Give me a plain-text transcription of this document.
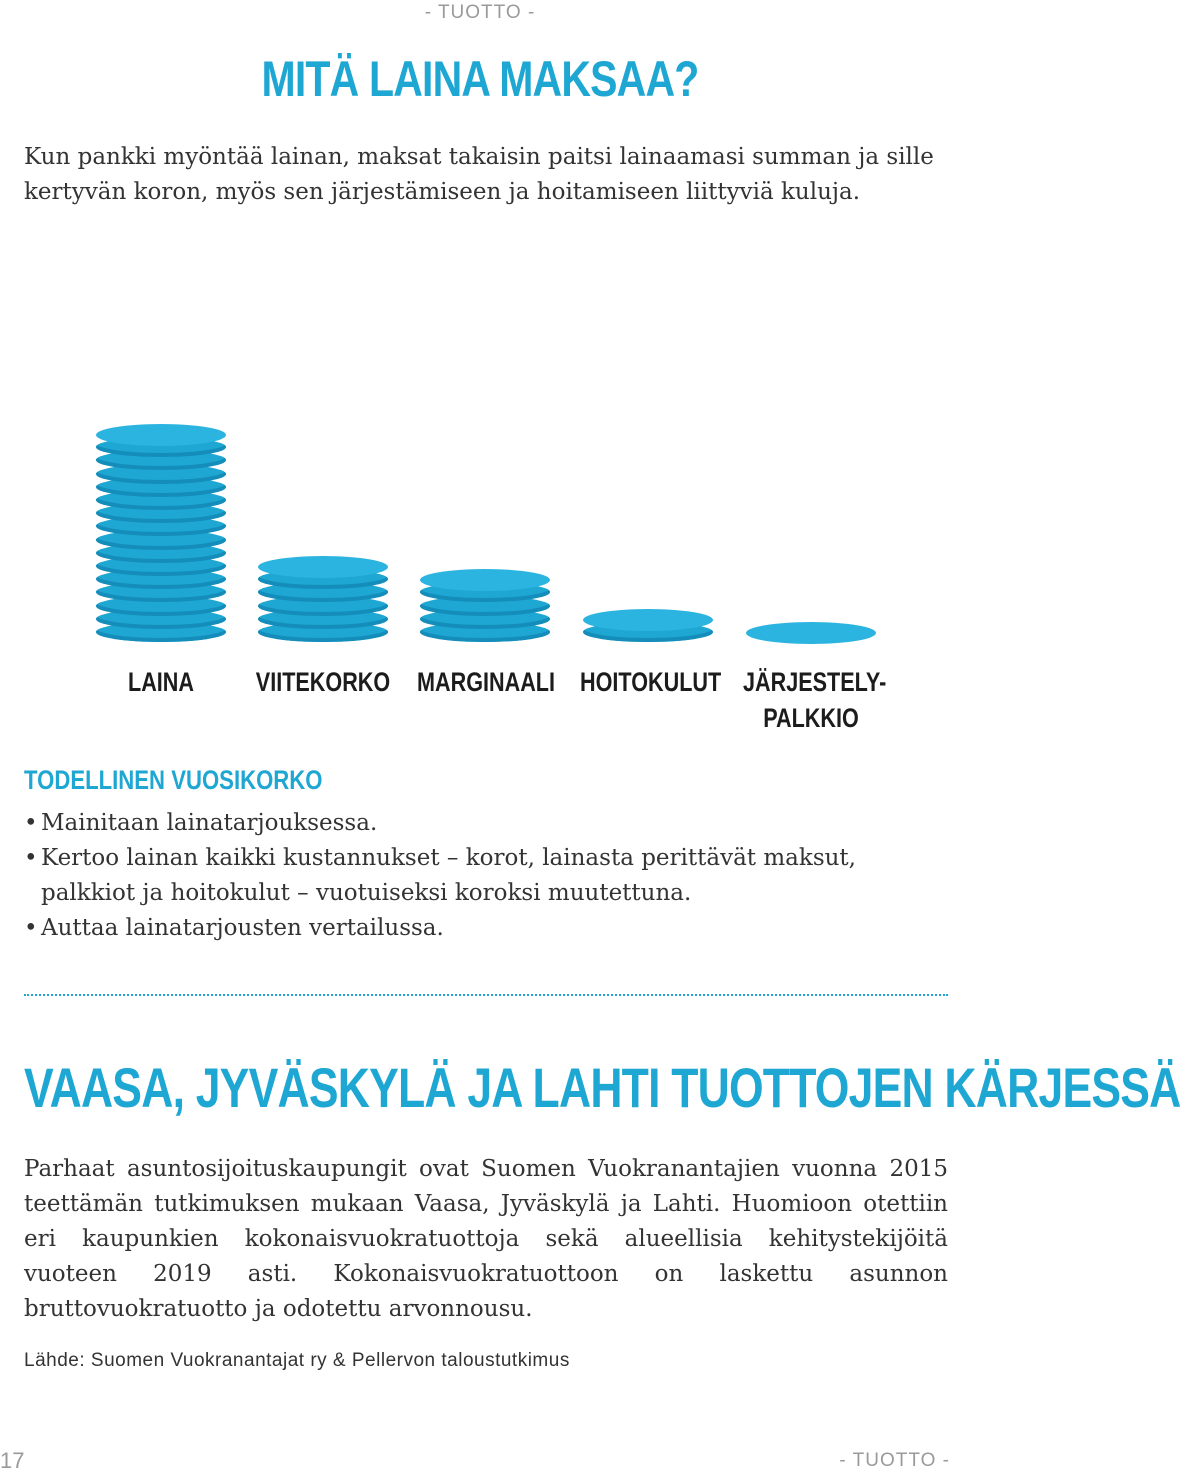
- TUOTTO -
MITÄ LAINA MAKSAA?
Kun pankki myöntää lainan, maksat takaisin paitsi lainaamasi summan ja sille kertyvän koron, myös sen järjestämiseen ja hoitamiseen liittyviä kuluja.
LAINA	VIITEKORKO MARGINAALI HOITOKULUT JÄRJESTELY-
PALKKIO
TODELLINEN VUOSIKORKO
• Mainitaan lainatarjouksessa.
• Kertoo lainan kaikki kustannukset – korot, lainasta perittävät maksut, palkkiot ja hoitokulut – vuotuiseksi koroksi muutettuna.
• Auttaa lainatarjousten vertailussa.
VAASA, JYVÄSKYLÄ JA LAHTI TUOTTOJEN KÄRJESSÄ
Parhaat asuntosijoituskaupungit ovat Suomen Vuokranantajien vuonna 2015 teettämän tutkimuksen mukaan Vaasa, Jyväskylä ja Lahti. Huomioon otettiin eri kaupunkien kokonaisvuokratuottoja sekä alueellisia kehitystekijöitä vuoteen 2019 asti. Kokonaisvuokratuottoon on laskettu asunnon bruttovuokratuotto ja odotettu arvonnousu.
Lähde: Suomen Vuokranantajat ry & Pellervon taloustutkimus
17	- TUOTTO -
